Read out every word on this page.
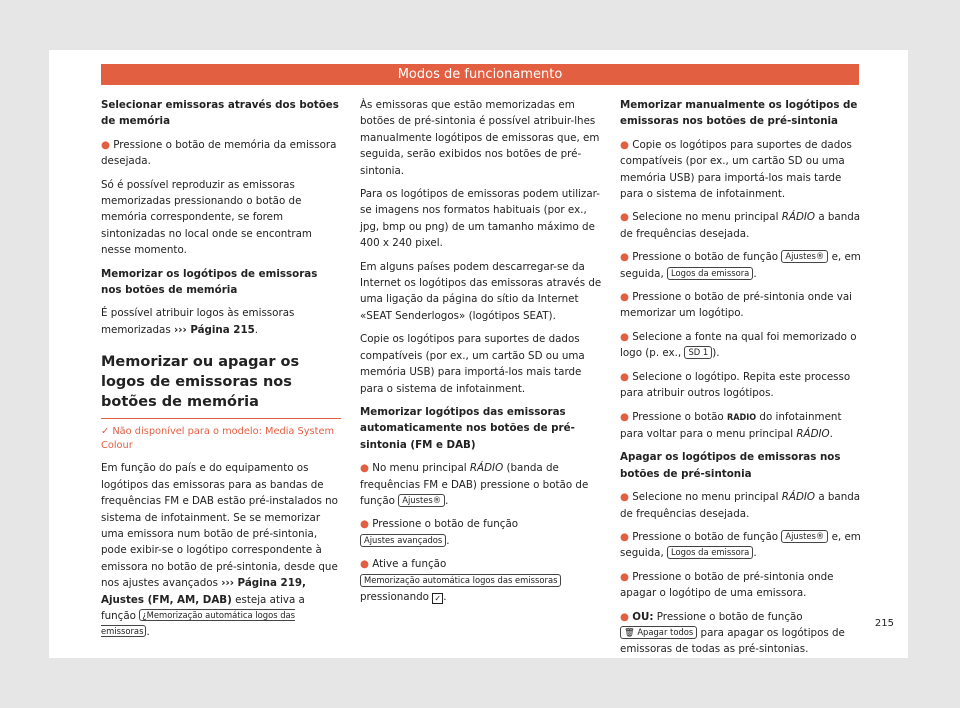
Modos de funcionamento

Selecionar emissoras através dos botões de memória

● Pressione o botão de memória da emissora desejada.

Só é possível reproduzir as emissoras memorizadas pressionando o botão de memória correspondente, se forem sintonizadas no local onde se encontram nesse momento.

Memorizar os logótipos de emissoras nos botões de memória

É possível atribuir logos às emissoras memorizadas ››› Página 215.

Memorizar ou apagar os logos de emissoras nos botões de memória

✓ Não disponível para o modelo: Media System Colour

Em função do país e do equipamento os logótipos das emissoras para as bandas de frequências FM e DAB estão pré-instalados no sistema de infotainment. Se se memorizar uma emissora num botão de pré-sintonia, pode exibir-se o logótipo correspondente à emissora no botão de pré-sintonia, desde que nos ajustes avançados ››› Página 219, Ajustes (FM, AM, DAB) esteja ativa a função ¿Memorização automática logos das emissoras .

Às emissoras que estão memorizadas em botões de pré-sintonia é possível atribuir-lhes manualmente logótipos de emissoras que, em seguida, serão exibidos nos botões de pré-sintonia.

Para os logótipos de emissoras podem utilizar-se imagens nos formatos habituais (por ex., jpg, bmp ou png) de um tamanho máximo de 400 x 240 pixel.

Em alguns países podem descarregar-se da Internet os logótipos das emissoras através de uma ligação da página do sítio da Internet «SEAT Senderlogos» (logótipos SEAT).

Copie os logótipos para suportes de dados compatíveis (por ex., um cartão SD ou uma memória USB) para importá-los mais tarde para o sistema de infotainment.

Memorizar logótipos das emissoras automaticamente nos botões de pré-sintonia (FM e DAB)

● No menu principal RÁDIO (banda de frequências FM e DAB) pressione o botão de função Ajustes® .

● Pressione o botão de função Ajustes avançados .

● Ative a função Memorização automática logos das emissoras pressionando ✓ .

Memorizar manualmente os logótipos de emissoras nos botões de pré-sintonia

● Copie os logótipos para suportes de dados compatíveis (por ex., um cartão SD ou uma memória USB) para importá-los mais tarde para o sistema de infotainment.

● Selecione no menu principal RÁDIO a banda de frequências desejada.

● Pressione o botão de função Ajustes® e, em seguida, Logos da emissora .

● Pressione o botão de pré-sintonia onde vai memorizar um logótipo.

● Selecione a fonte na qual foi memorizado o logo (p. ex., SD 1 ).

● Selecione o logótipo. Repita este processo para atribuir outros logótipos.

● Pressione o botão RADIO do infotainment para voltar para o menu principal RÁDIO.

Apagar os logótipos de emissoras nos botões de pré-sintonia

● Selecione no menu principal RÁDIO a banda de frequências desejada.

● Pressione o botão de função Ajustes® e, em seguida, Logos da emissora .

● Pressione o botão de pré-sintonia onde apagar o logótipo de uma emissora.

● OU: Pressione o botão de função 🗑 Apagar todos para apagar os logótipos de emissoras de todas as pré-sintonias.

215
